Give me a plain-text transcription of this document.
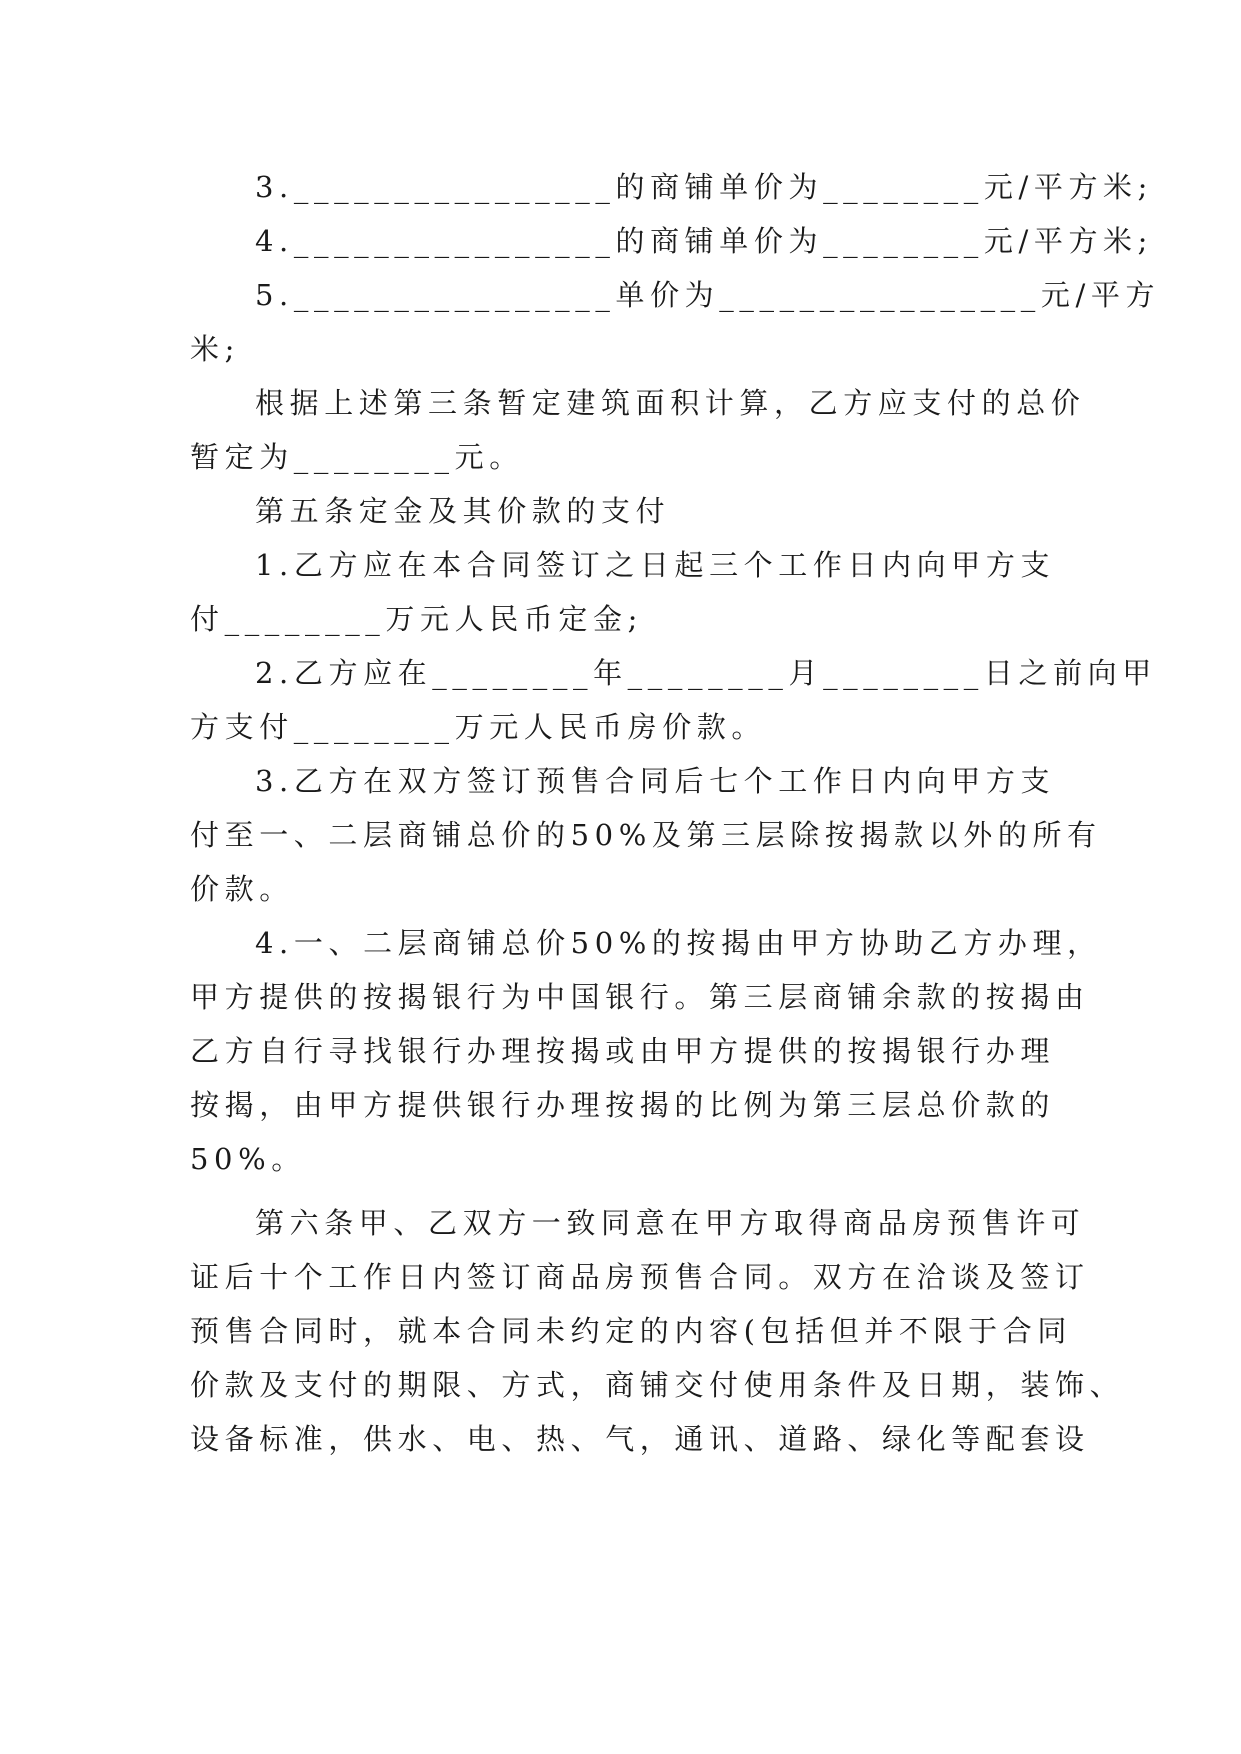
3.________________的商铺单价为________元/平方米;
4.________________的商铺单价为________元/平方米;
5.________________单价为________________元/平方
米;
根据上述第三条暂定建筑面积计算，乙方应支付的总价
暂定为________元。
第五条定金及其价款的支付
1.乙方应在本合同签订之日起三个工作日内向甲方支
付________万元人民币定金;
2.乙方应在________年________月________日之前向甲
方支付________万元人民币房价款。
3.乙方在双方签订预售合同后七个工作日内向甲方支
付至一、二层商铺总价的50%及第三层除按揭款以外的所有
价款。
4.一、二层商铺总价50%的按揭由甲方协助乙方办理，
甲方提供的按揭银行为中国银行。第三层商铺余款的按揭由
乙方自行寻找银行办理按揭或由甲方提供的按揭银行办理
按揭，由甲方提供银行办理按揭的比例为第三层总价款的
50%。
第六条甲、乙双方一致同意在甲方取得商品房预售许可
证后十个工作日内签订商品房预售合同。双方在洽谈及签订
预售合同时，就本合同未约定的内容(包括但并不限于合同
价款及支付的期限、方式，商铺交付使用条件及日期，装饰、
设备标准，供水、电、热、气，通讯、道路、绿化等配套设
